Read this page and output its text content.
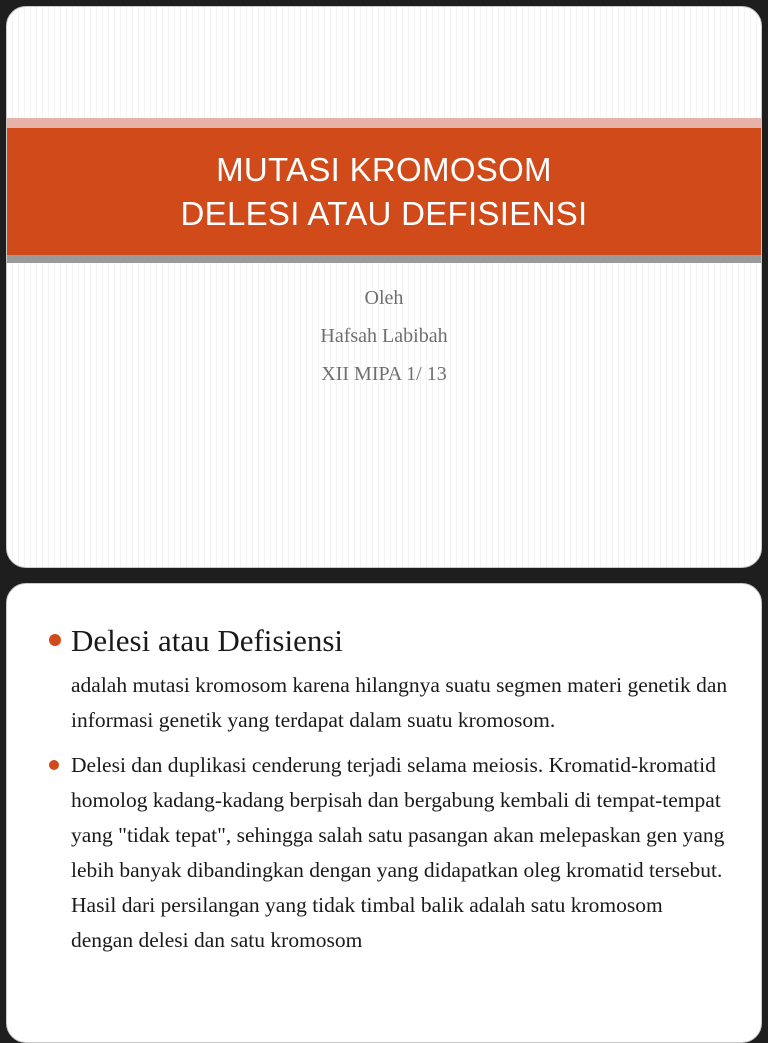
MUTASI KROMOSOM
DELESI ATAU DEFISIENSI
Oleh
Hafsah Labibah
XII MIPA 1/ 13
Delesi atau Defisiensi
adalah mutasi kromosom karena hilangnya suatu segmen materi genetik dan informasi genetik yang terdapat dalam suatu kromosom.
Delesi dan duplikasi cenderung terjadi selama meiosis. Kromatid-kromatid homolog kadang-kadang berpisah dan bergabung kembali di tempat-tempat yang "tidak tepat", sehingga salah satu pasangan akan melepaskan gen yang lebih banyak dibandingkan dengan yang didapatkan oleg kromatid tersebut. Hasil dari persilangan yang tidak timbal balik adalah satu kromosom dengan delesi dan satu kromosom
